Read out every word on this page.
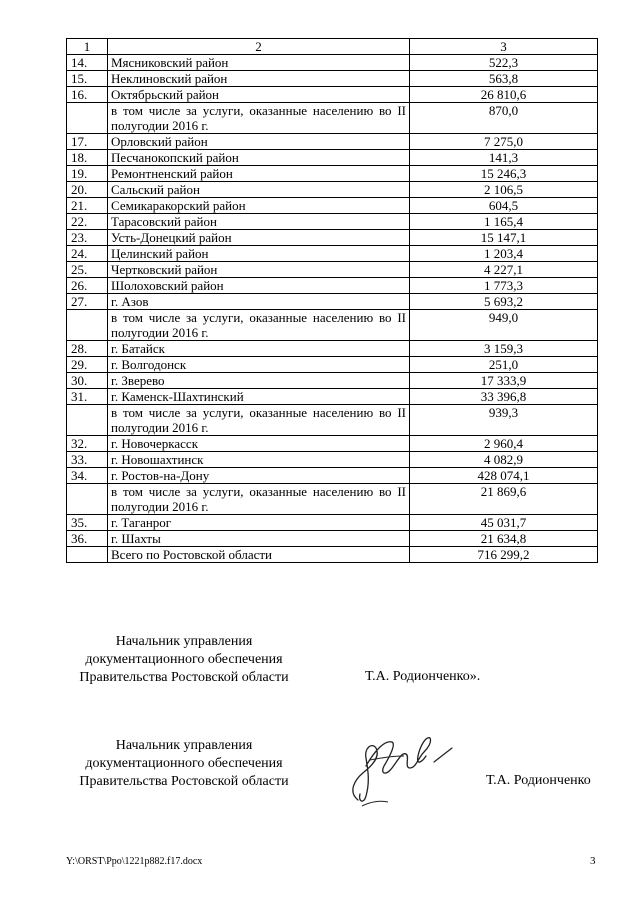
1	2	3
14.	Мясниковский район	522,3
15.	Неклиновский район	563,8
16.	Октябрьский район	26 810,6
	в том числе за услуги, оказанные населению во II полугодии 2016 г.	870,0
17.	Орловский район	7 275,0
18.	Песчанокопский район	141,3
19.	Ремонтненский район	15 246,3
20.	Сальский район	2 106,5
21.	Семикаракорский район	604,5
22.	Тарасовский район	1 165,4
23.	Усть-Донецкий район	15 147,1
24.	Целинский район	1 203,4
25.	Чертковский район	4 227,1
26.	Шолоховский район	1 773,3
27.	г. Азов	5 693,2
	в том числе за услуги, оказанные населению во II полугодии 2016 г.	949,0
28.	г. Батайск	3 159,3
29.	г. Волгодонск	251,0
30.	г. Зверево	17 333,9
31.	г. Каменск-Шахтинский	33 396,8
	в том числе за услуги, оказанные населению во II полугодии 2016 г.	939,3
32.	г. Новочеркасск	2 960,4
33.	г. Новошахтинск	4 082,9
34.	г. Ростов-на-Дону	428 074,1
	в том числе за услуги, оказанные населению во II полугодии 2016 г.	21 869,6
35.	г. Таганрог	45 031,7
36.	г. Шахты	21 634,8
	Всего по Ростовской области	716 299,2
Начальник управления
документационного обеспечения
Правительства Ростовской области	Т.А. Родионченко».
Начальник управления
документационного обеспечения
Правительства Ростовской области	Т.А. Родионченко
Y:\ORST\Ppo\1221p882.f17.docx	3
